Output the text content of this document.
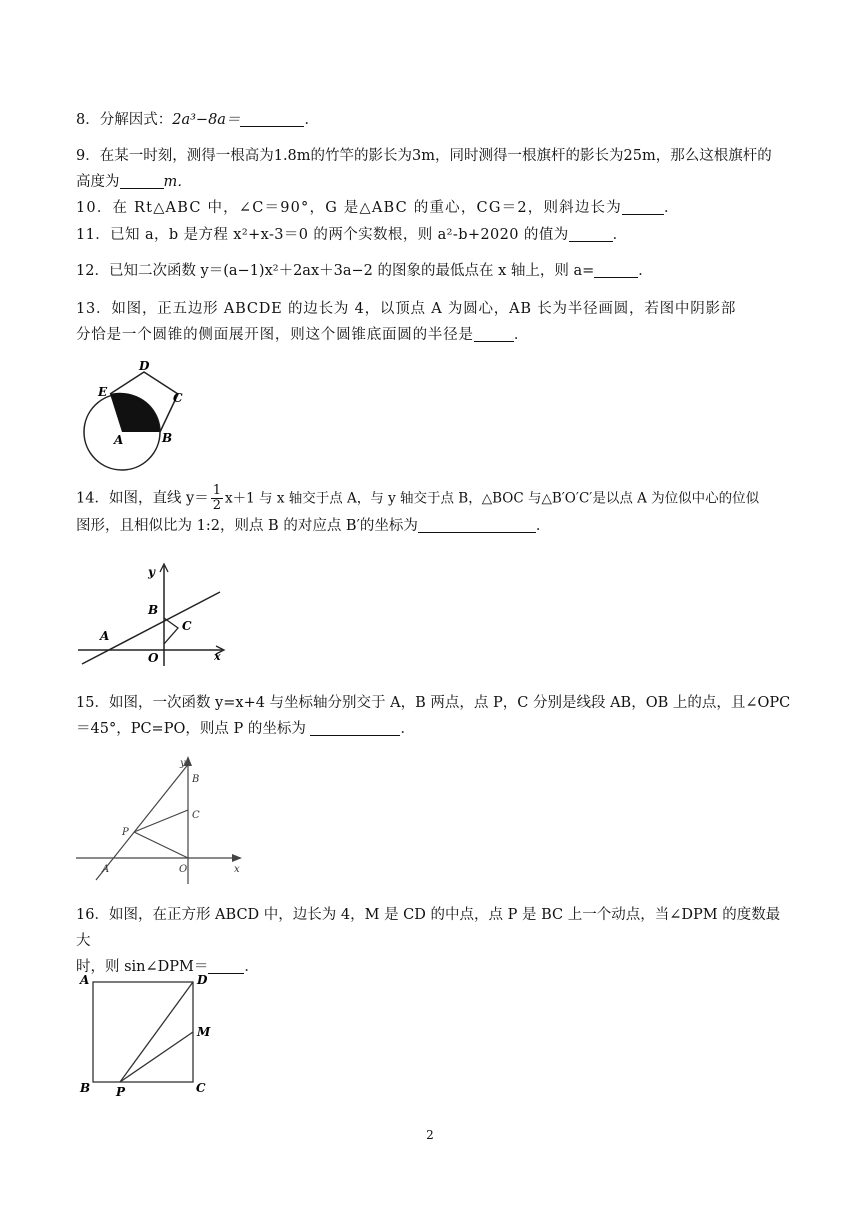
8．分解因式：2a³−8a＝	．

9．在某一时刻，测得一根高为1.8m的竹竿的影长为3m，同时测得一根旗杆的影长为25m，那么这根旗杆的
高度为	m．

10．在 Rt△ABC 中，∠C＝90°，G 是△ABC 的重心，CG＝2，则斜边长为	．

11．已知 a，b 是方程 x²+x-3＝0 的两个实数根，则 a²-b+2020 的值为	．

12．已知二次函数 y＝(a−1)x²＋2ax＋3a−2 的图象的最低点在 x 轴上，则 a=	．

13．如图，正五边形 ABCDE 的边长为 4，以顶点 A 为圆心，AB 长为半径画圆，若图中阴影部
分恰是一个圆锥的侧面展开图，则这个圆锥底面圆的半径是	．

D
E	C
A	B

14．如图，直线 $y= \frac{1}{2} x+1$ 与 x 轴交于点 A，与 y 轴交于点 B，△BOC 与△B′O′C′是以点 A 为位似中心的位似
图形，且相似比为 1:2，则点 B 的对应点 B′的坐标为	．

y
B
C
A
O	x

15．如图，一次函数 y=x+4 与坐标轴分别交于 A，B 两点，点 P，C 分别是线段 AB，OB 上的点，且∠OPC
＝45°，PC=PO，则点 P 的坐标为	．

y
B
C
P
A	O	x

16．如图，在正方形 ABCD 中，边长为 4，M 是 CD 的中点，点 P 是 BC 上一个动点，当∠DPM 的度数最大
时，则 sin∠DPM＝ ．

A	D
M
B P	C
2
